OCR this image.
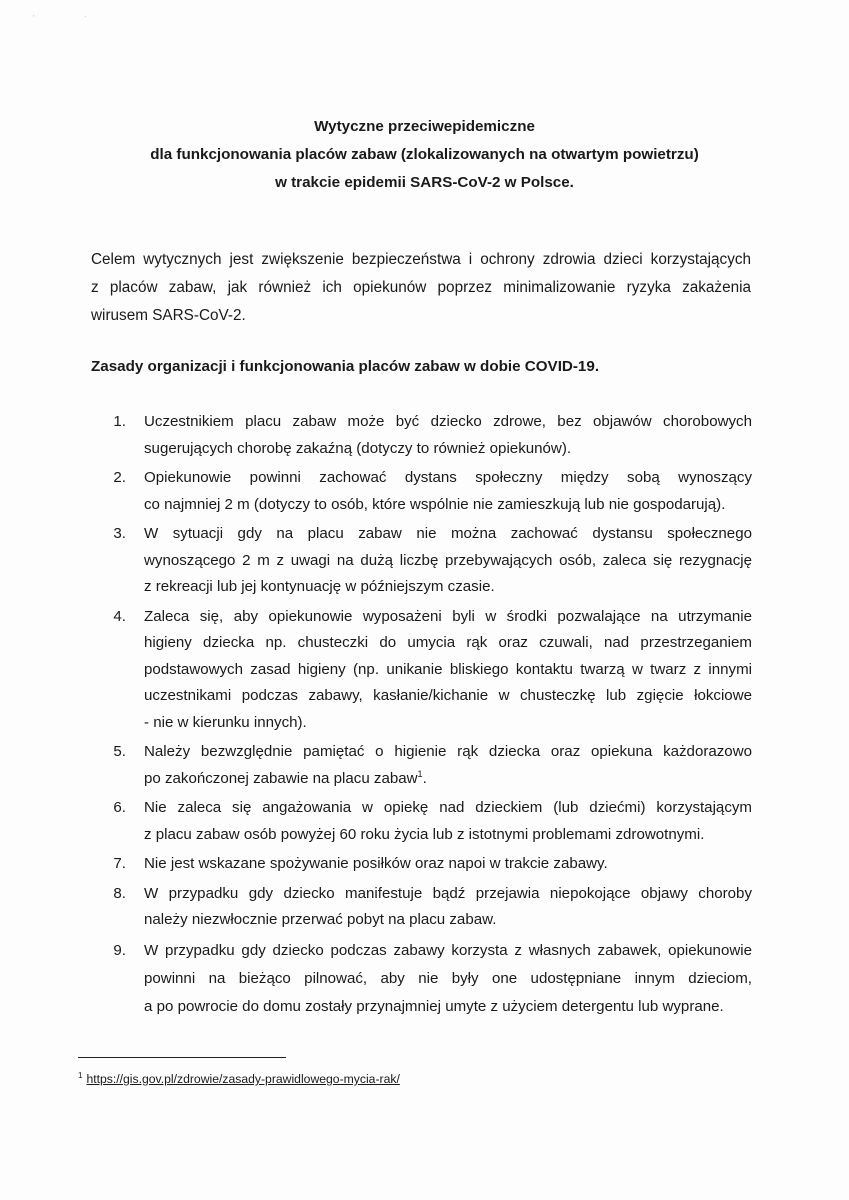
'	·
Wytyczne przeciwepidemiczne
dla funkcjonowania placów zabaw (zlokalizowanych na otwartym powietrzu)
w trakcie epidemii SARS-CoV-2 w Polsce.
Celem wytycznych jest zwiększenie bezpieczeństwa i ochrony zdrowia dzieci korzystających
z placów zabaw, jak również ich opiekunów poprzez minimalizowanie ryzyka zakażenia
wirusem SARS-CoV-2.
Zasady organizacji i funkcjonowania placów zabaw w dobie COVID-19.
1. Uczestnikiem placu zabaw może być dziecko zdrowe, bez objawów chorobowych
sugerujących chorobę zakaźną (dotyczy to również opiekunów).
2. Opiekunowie powinni zachować dystans społeczny między sobą wynoszący
co najmniej 2 m (dotyczy to osób, które wspólnie nie zamieszkują lub nie gospodarują).
3. W sytuacji gdy na placu zabaw nie można zachować dystansu społecznego
wynoszącego 2 m z uwagi na dużą liczbę przebywających osób, zaleca się rezygnację
z rekreacji lub jej kontynuację w późniejszym czasie.
4. Zaleca się, aby opiekunowie wyposażeni byli w środki pozwalające na utrzymanie
higieny dziecka np. chusteczki do umycia rąk oraz czuwali, nad przestrzeganiem
podstawowych zasad higieny (np. unikanie bliskiego kontaktu twarzą w twarz z innymi
uczestnikami podczas zabawy, kasłanie/kichanie w chusteczkę lub zgięcie łokciowe
- nie w kierunku innych).
5. Należy bezwzględnie pamiętać o higienie rąk dziecka oraz opiekuna każdorazowo
po zakończonej zabawie na placu zabaw$^1$.
6. Nie zaleca się angażowania w opiekę nad dzieckiem (lub dziećmi) korzystającym
z placu zabaw osób powyżej 60 roku życia lub z istotnymi problemami zdrowotnymi.
7. Nie jest wskazane spożywanie posiłków oraz napoi w trakcie zabawy.
8. W przypadku gdy dziecko manifestuje bądź przejawia niepokojące objawy choroby
należy niezwłocznie przerwać pobyt na placu zabaw.
9. W przypadku gdy dziecko podczas zabawy korzysta z własnych zabawek, opiekunowie
powinni na bieżąco pilnować, aby nie były one udostępniane innym dzieciom,
a po powrocie do domu zostały przynajmniej umyte z użyciem detergentu lub wyprane.
$^1$ https://gis.gov.pl/zdrowie/zasady-prawidlowego-mycia-rak/
